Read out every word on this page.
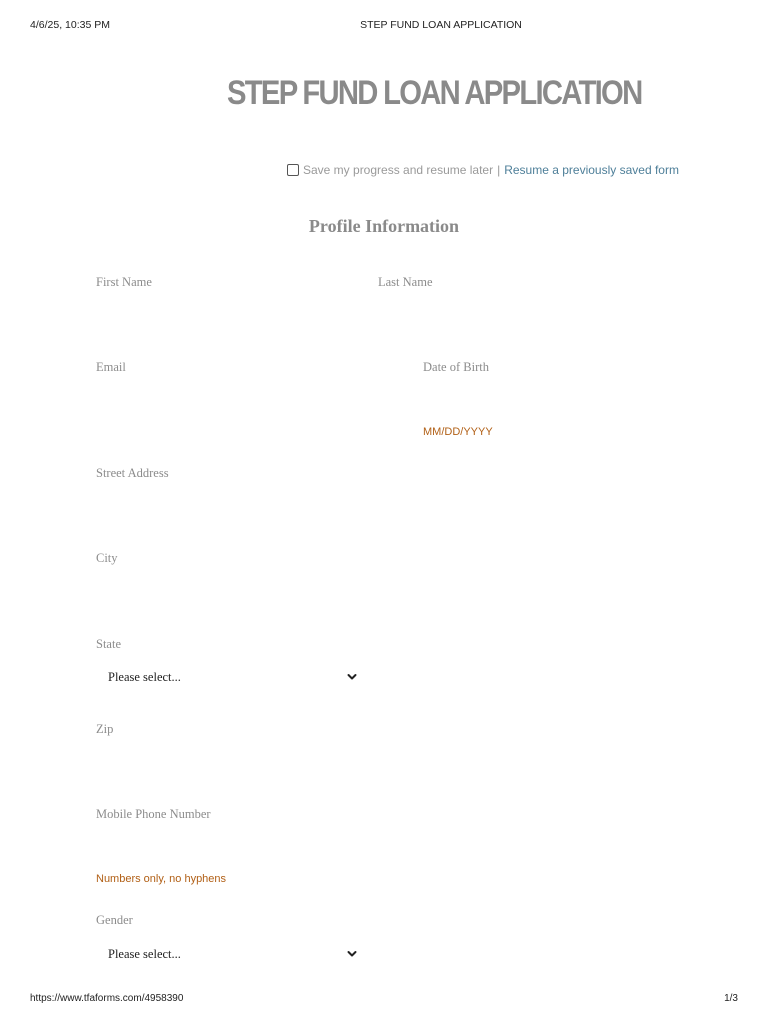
4/6/25, 10:35 PM	STEP FUND LOAN APPLICATION
STEP FUND LOAN APPLICATION
Save my progress and resume later | Resume a previously saved form
Profile Information
First Name	Last Name
Email	Date of Birth
MM/DD/YYYY
Street Address
City
State
Please select...
Zip
Mobile Phone Number
Numbers only, no hyphens
Gender
Please select...
https://www.tfaforms.com/4958390	1/3
